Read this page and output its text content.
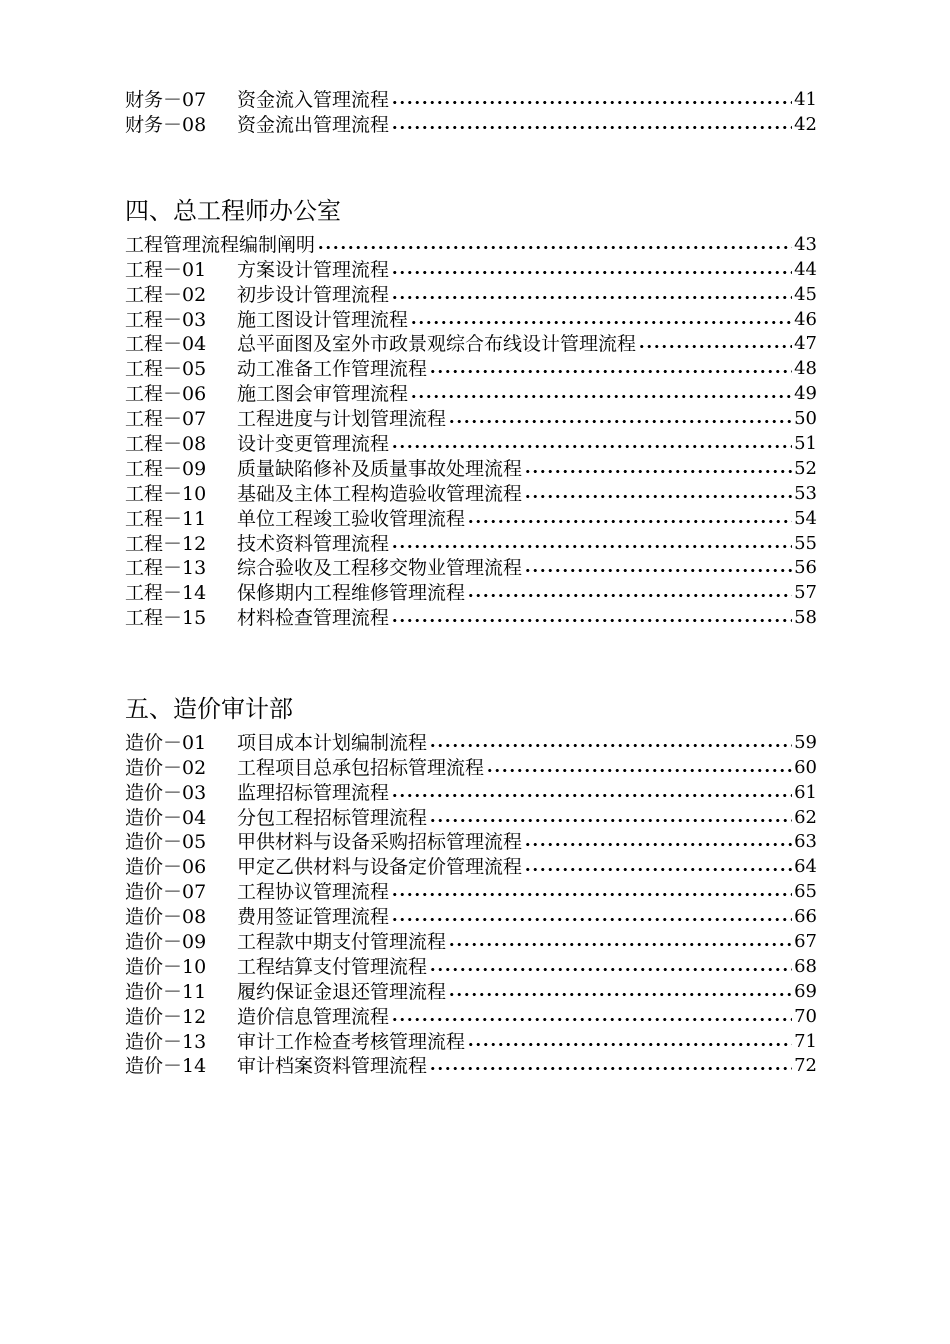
财务－07	资金流入管理流程	41
财务－08	资金流出管理流程	42
四、总工程师办公室
工程管理流程编制阐明	43
工程－01	方案设计管理流程	44
工程－02	初步设计管理流程	45
工程－03	施工图设计管理流程	46
工程－04	总平面图及室外市政景观综合布线设计管理流程	47
工程－05	动工准备工作管理流程	48
工程－06	施工图会审管理流程	49
工程－07	工程进度与计划管理流程	50
工程－08	设计变更管理流程	51
工程－09	质量缺陷修补及质量事故处理流程	52
工程－10	基础及主体工程构造验收管理流程	53
工程－11	单位工程竣工验收管理流程	54
工程－12	技术资料管理流程	55
工程－13	综合验收及工程移交物业管理流程	56
工程－14	保修期内工程维修管理流程	57
工程－15	材料检查管理流程	58
五、造价审计部
造价－01	项目成本计划编制流程	59
造价－02	工程项目总承包招标管理流程	60
造价－03	监理招标管理流程	61
造价－04	分包工程招标管理流程	62
造价－05	甲供材料与设备采购招标管理流程	63
造价－06	甲定乙供材料与设备定价管理流程	64
造价－07	工程协议管理流程	65
造价－08	费用签证管理流程	66
造价－09	工程款中期支付管理流程	67
造价－10	工程结算支付管理流程	68
造价－11	履约保证金退还管理流程	69
造价－12	造价信息管理流程	70
造价－13	审计工作检查考核管理流程	71
造价－14	审计档案资料管理流程	72
